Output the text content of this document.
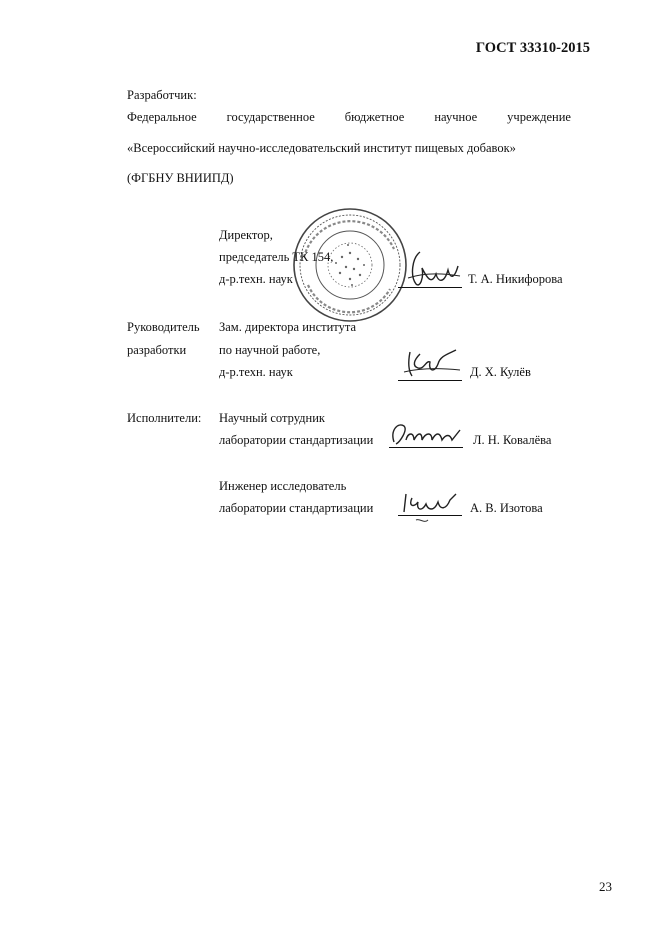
ГОСТ 33310-2015
Разработчик:
Федеральное государственное бюджетное научное учреждение
«Всероссийский научно-исследовательский институт пищевых добавок»
(ФГБНУ ВНИИПД)
Директор,
председатель ТК 154,
д-р.техн. наук	Т. А. Никифорова
Руководитель
разработки
Зам. директора института
по научной работе,
д-р.техн. наук	Д. Х. Кулёв
Исполнители: Научный сотрудник
лаборатории стандартизации	Л. Н. Ковалёва
Инженер исследователь
лаборатории стандартизации	А. В. Изотова
23
